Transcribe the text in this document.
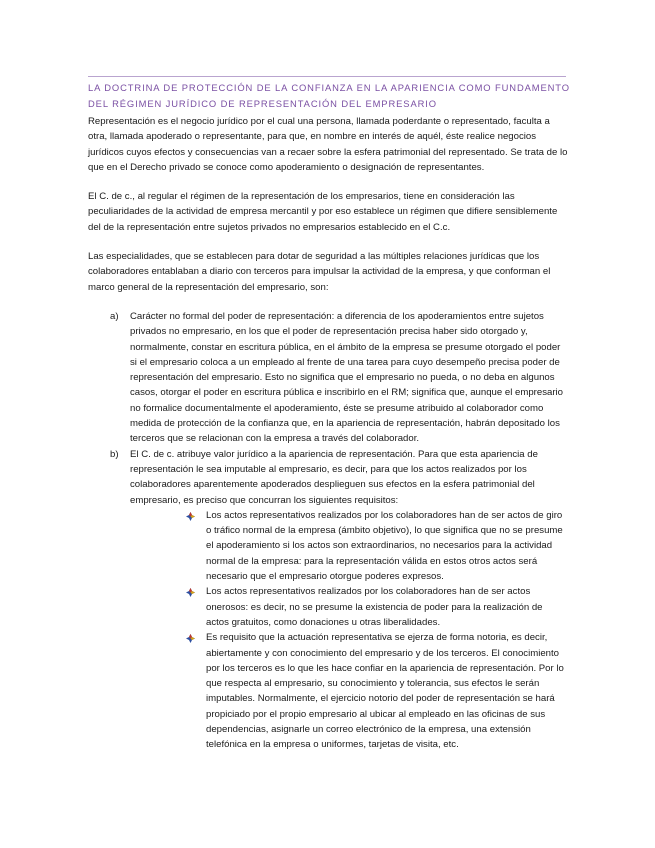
LA DOCTRINA DE PROTECCIÓN DE LA CONFIANZA EN LA APARIENCIA COMO FUNDAMENTO
DEL RÉGIMEN JURÍDICO DE REPRESENTACIÓN DEL EMPRESARIO

Representación es el negocio jurídico por el cual una persona, llamada poderdante o representado, faculta a otra, llamada apoderado o representante, para que, en nombre en interés de aquél, éste realice negocios jurídicos cuyos efectos y consecuencias van a recaer sobre la esfera patrimonial del representado. Se trata de lo que en el Derecho privado se conoce como apoderamiento o designación de representantes.

El C. de c., al regular el régimen de la representación de los empresarios, tiene en consideración las peculiaridades de la actividad de empresa mercantil y por eso establece un régimen que difiere sensiblemente del de la representación entre sujetos privados no empresarios establecido en el C.c.

Las especialidades, que se establecen para dotar de seguridad a las múltiples relaciones jurídicas que los colaboradores entablaban a diario con terceros para impulsar la actividad de la empresa, y que conforman el marco general de la representación del empresario, son:

a) Carácter no formal del poder de representación: a diferencia de los apoderamientos entre sujetos privados no empresario, en los que el poder de representación precisa haber sido otorgado y, normalmente, constar en escritura pública, en el ámbito de la empresa se presume otorgado el poder si el empresario coloca a un empleado al frente de una tarea para cuyo desempeño precisa poder de representación del empresario. Esto no significa que el empresario no pueda, o no deba en algunos casos, otorgar el poder en escritura pública e inscribirlo en el RM; significa que, aunque el empresario no formalice documentalmente el apoderamiento, éste se presume atribuido al colaborador como medida de protección de la confianza que, en la apariencia de representación, habrán depositado los terceros que se relacionan con la empresa a través del colaborador.
b) El C. de c. atribuye valor jurídico a la apariencia de representación. Para que esta apariencia de representación le sea imputable al empresario, es decir, para que los actos realizados por los colaboradores aparentemente apoderados desplieguen sus efectos en la esfera patrimonial del empresario, es preciso que concurran los siguientes requisitos:
Los actos representativos realizados por los colaboradores han de ser actos de giro o tráfico normal de la empresa (ámbito objetivo), lo que significa que no se presume el apoderamiento si los actos son extraordinarios, no necesarios para la actividad normal de la empresa: para la representación válida en estos otros actos será necesario que el empresario otorgue poderes expresos.
Los actos representativos realizados por los colaboradores han de ser actos onerosos: es decir, no se presume la existencia de poder para la realización de actos gratuitos, como donaciones u otras liberalidades.
Es requisito que la actuación representativa se ejerza de forma notoria, es decir, abiertamente y con conocimiento del empresario y de los terceros. El conocimiento por los terceros es lo que les hace confiar en la apariencia de representación. Por lo que respecta al empresario, su conocimiento y tolerancia, sus efectos le serán imputables. Normalmente, el ejercicio notorio del poder de representación se hará propiciado por el propio empresario al ubicar al empleado en las oficinas de sus dependencias, asignarle un correo electrónico de la empresa, una extensión telefónica en la empresa o uniformes, tarjetas de visita, etc.
